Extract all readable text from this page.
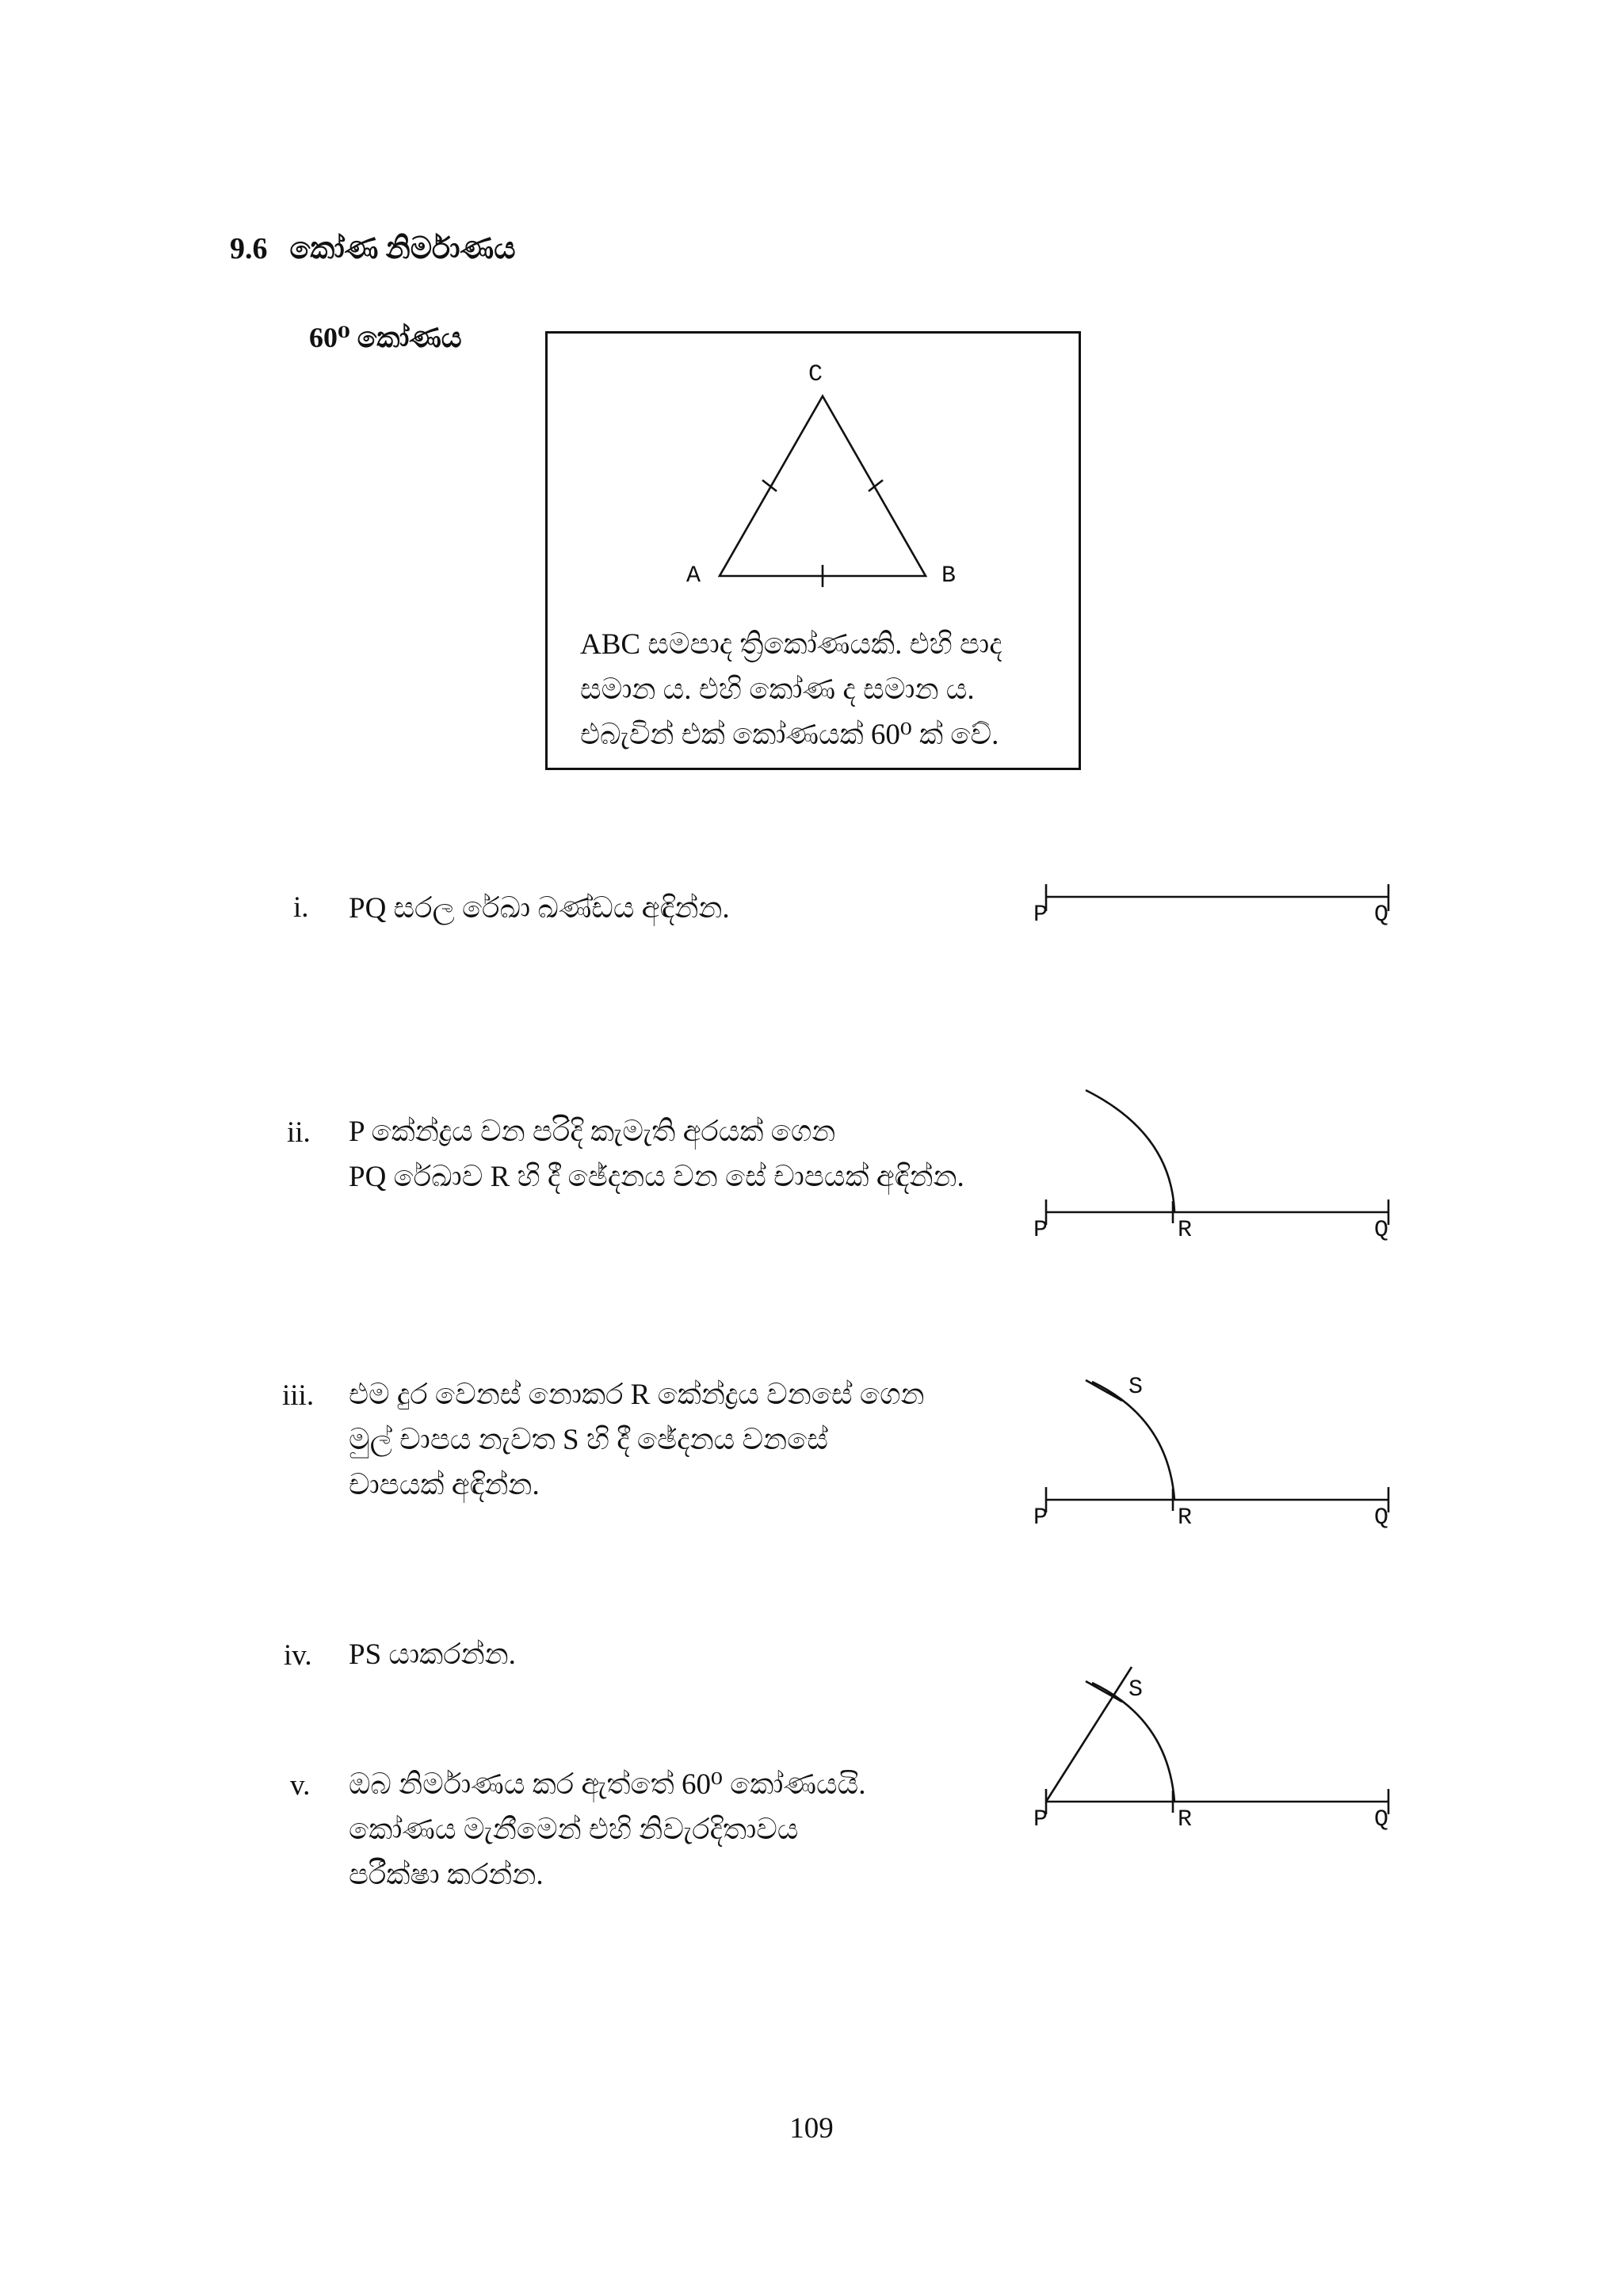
9.6 කෝණ නිර්මාණය
60⁰ කෝණය
C
A	B
ABC සමපාද ත්‍රිකෝණයකි. එහි පාද
සමාන ය. එහි කෝණ ද සමාන ය.
එබැවින් එක් කෝණයක් 60⁰ ක් වේ.
i. PQ සරල රේඛා ඛණ්ඩය අඳින්න.	P	Q
ii. P කේන්ද්‍රය වන පරිදි කැමැති අරයක් ගෙන
PQ රේඛාව R හි දී ඡේදනය වන සේ චාපයක් අඳින්න.
P	R	Q
iii. එම දුර වෙනස් නොකර R කේන්ද්‍රය වනසේ ගෙන
මුල් චාපය නැවත S හි දී ඡේදනය වනසේ
චාපයක් අඳින්න.
S
P	R	Q
iv. PS යාකරන්න.
v. ඔබ නිර්මාණය කර ඇත්තේ 60⁰ කෝණයයි.
කෝණය මැනීමෙන් එහි නිවැරදිතාවය
පරීක්ෂා කරන්න.
S
P	R	Q
109
